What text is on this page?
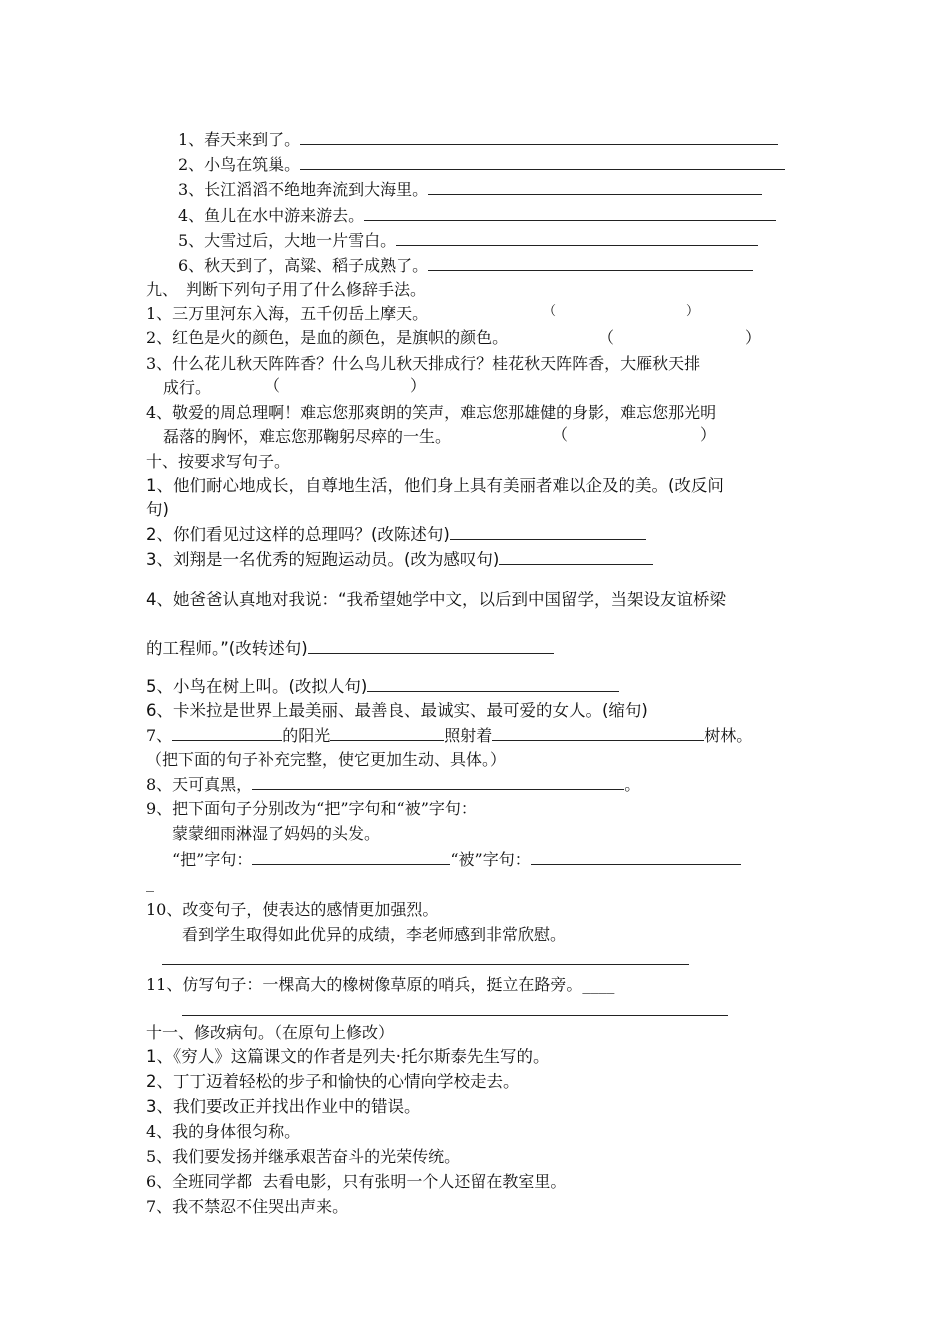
1、春天来到了。
2、小鸟在筑巢。
3、长江滔滔不绝地奔流到大海里。
4、鱼儿在水中游来游去。
5、大雪过后，大地一片雪白。
6、秋天到了，高粱、稻子成熟了。
九、　判断下列句子用了什么修辞手法。
1、三万里河东入海，五千仞岳上摩天。	（	）
2、红色是火的颜色，是血的颜色，是旗帜的颜色。	（	）
3、什么花儿秋天阵阵香？什么鸟儿秋天排成行？桂花秋天阵阵香，大雁秋天排
成行。	（	）
4、敬爱的周总理啊！难忘您那爽朗的笑声，难忘您那雄健的身影，难忘您那光明
磊落的胸怀，难忘您那鞠躬尽瘁的一生。	（	）
十、按要求写句子。
1、他们耐心地成长，自尊地生活，他们身上具有美丽者难以企及的美。(改反问
句)
2、你们看见过这样的总理吗？(改陈述句)
3、刘翔是一名优秀的短跑运动员。(改为感叹句)
4、她爸爸认真地对我说：“我希望她学中文，以后到中国留学，当架设友谊桥梁
的工程师。”(改转述句)
5、小鸟在树上叫。(改拟人句)
6、卡米拉是世界上最美丽、最善良、最诚实、最可爱的女人。(缩句)
7、	的阳光	照射着	树林。
（把下面的句子补充完整，使它更加生动、具体。）
8、天可真黑，	。
9、把下面句子分别改为“把”字句和“被”字句：
蒙蒙细雨淋湿了妈妈的头发。
“把”字句：	“被”字句：
_
10、改变句子，使表达的感情更加强烈。
看到学生取得如此优异的成绩，李老师感到非常欣慰。
11、仿写句子：一棵高大的橡树像草原的哨兵，挺立在路旁。____
十一、修改病句。（在原句上修改）
1、《穷人》这篇课文的作者是列夫·托尔斯泰先生写的。
2、丁丁迈着轻松的步子和愉快的心情向学校走去。
3、我们要改正并找出作业中的错误。
4、我的身体很匀称。
5、我们要发扬并继承艰苦奋斗的光荣传统。
6、全班同学都  去看电影，只有张明一个人还留在教室里。
7、我不禁忍不住哭出声来。
